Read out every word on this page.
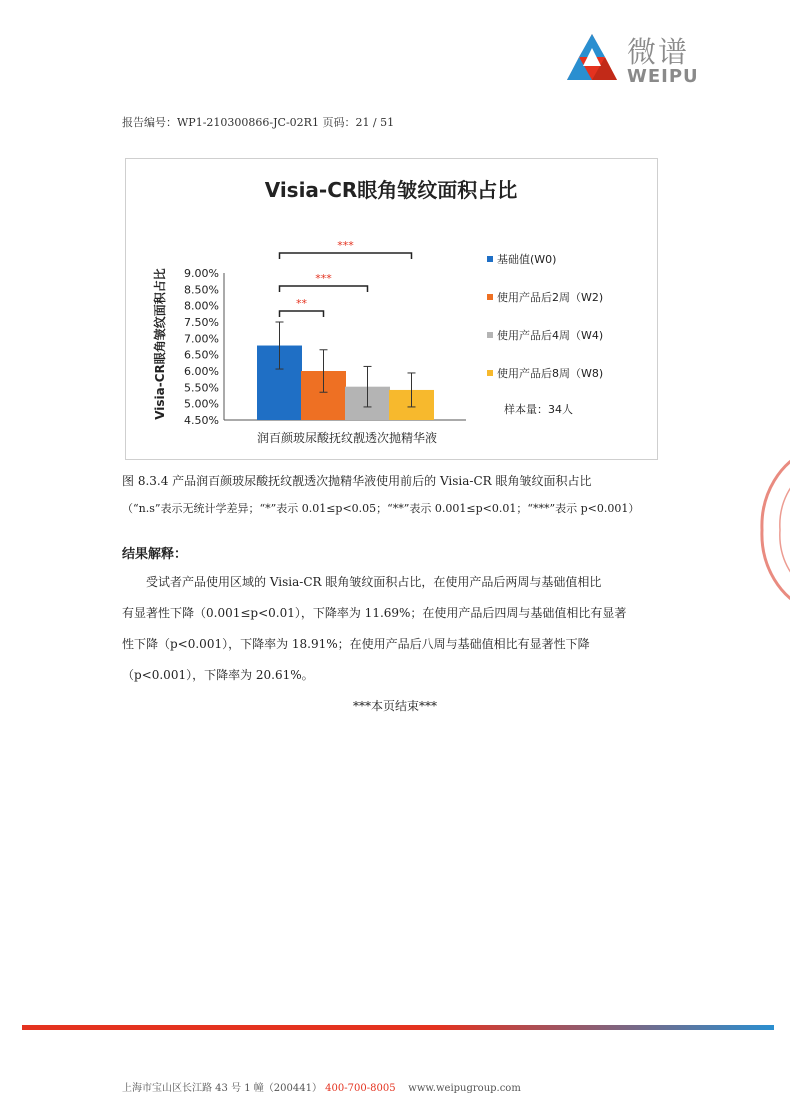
微谱
WEIPU
报告编号：WP1-210300866-JC-02R1 页码：21 / 51
Visia-CR眼角皱纹面积占比
Visia-CR眼角皱纹面积占比
润百颜玻尿酸抚纹靓透次抛精华液
样本量：34人
4.50%
5.00%
5.50%
6.00%
6.50%
7.00%
7.50%
8.00%
8.50%
9.00%
**
***
***
基础值(W0)
使用产品后2周（W2)
使用产品后4周（W4)
使用产品后8周（W8)
图 8.3.4 产品润百颜玻尿酸抚纹靓透次抛精华液使用前后的 Visia-CR 眼角皱纹面积占比
（“n.s”表示无统计学差异；“*”表示 0.01≤p<0.05；“**”表示 0.001≤p<0.01；“***”表示 p<0.001）
结果解释：
受试者产品使用区域的 Visia-CR 眼角皱纹面积占比，在使用产品后两周与基础值相比
有显著性下降（0.001≤p<0.01），下降率为 11.69%；在使用产品后四周与基础值相比有显著
性下降（p<0.001），下降率为 18.91%；在使用产品后八周与基础值相比有显著性下降
（p<0.001），下降率为 20.61%。
***本页结束***
上海市宝山区长江路 43 号 1 幢（200441） 400-700-8005 www.weipugroup.com
